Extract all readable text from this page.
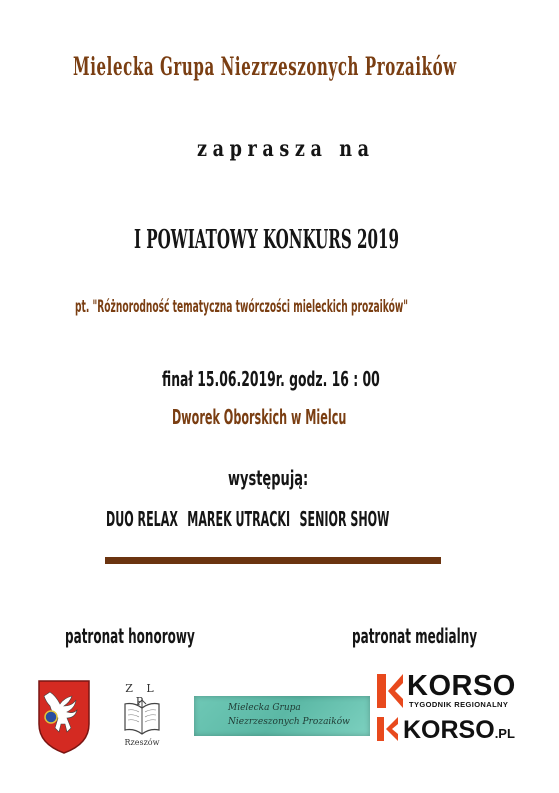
Mielecka Grupa Niezrzeszonych Prozaików
zaprasza na
I POWIATOWY KONKURS 2019
pt. "Różnorodność tematyczna twórczości mieleckich prozaików"
finał 15.06.2019r. godz. 16 : 00
Dworek Oborskich w Mielcu
występują:
DUO RELAX MAREK UTRACKI SENIOR SHOW
patronat honorowy	patronat medialny
Z L P
Rzeszów
Mielecka Grupa
Niezrzeszonych Prozaików
KORSO
TYGODNIK REGIONALNY
KORSO.PL
